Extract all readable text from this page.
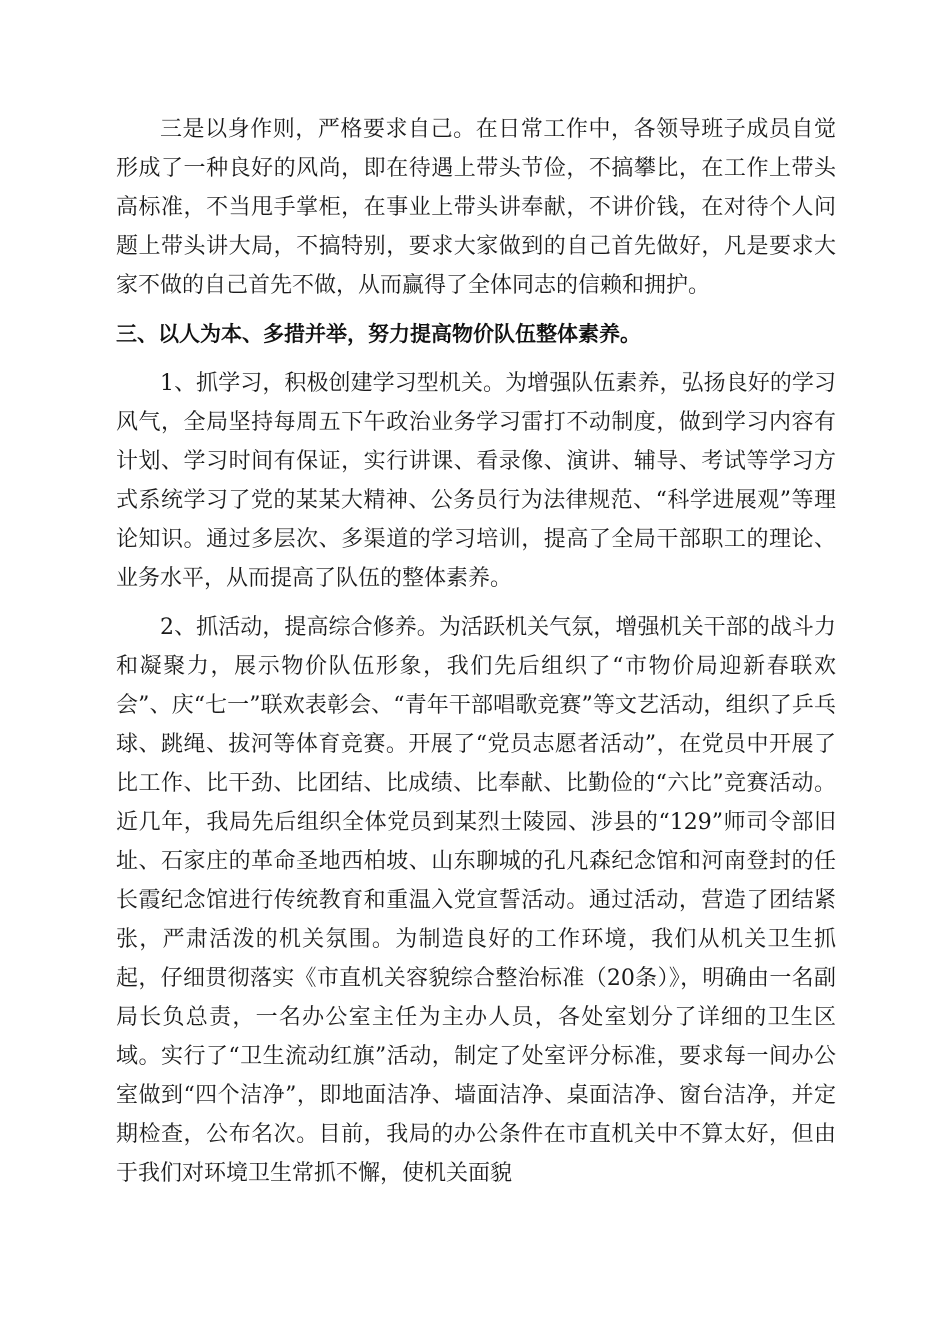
三是以身作则，严格要求自己。在日常工作中，各领导班子成员自觉形成了一种良好的风尚，即在待遇上带头节俭，不搞攀比，在工作上带头高标准，不当甩手掌柜，在事业上带头讲奉献，不讲价钱，在对待个人问题上带头讲大局，不搞特别，要求大家做到的自己首先做好，凡是要求大家不做的自己首先不做，从而赢得了全体同志的信赖和拥护。

三、以人为本、多措并举，努力提高物价队伍整体素养。

1、抓学习，积极创建学习型机关。为增强队伍素养，弘扬良好的学习风气，全局坚持每周五下午政治业务学习雷打不动制度，做到学习内容有计划、学习时间有保证，实行讲课、看录像、演讲、辅导、考试等学习方式系统学习了党的某某大精神、公务员行为法律规范、“科学进展观”等理论知识。通过多层次、多渠道的学习培训，提高了全局干部职工的理论、业务水平，从而提高了队伍的整体素养。

2、抓活动，提高综合修养。为活跃机关气氛，增强机关干部的战斗力和凝聚力，展示物价队伍形象，我们先后组织了“市物价局迎新春联欢会”、庆“七一”联欢表彰会、“青年干部唱歌竞赛”等文艺活动，组织了乒乓球、跳绳、拔河等体育竞赛。开展了“党员志愿者活动”，在党员中开展了比工作、比干劲、比团结、比成绩、比奉献、比勤俭的“六比”竞赛活动。近几年，我局先后组织全体党员到某烈士陵园、涉县的“129”师司令部旧址、石家庄的革命圣地西柏坡、山东聊城的孔凡森纪念馆和河南登封的任长霞纪念馆进行传统教育和重温入党宣誓活动。通过活动，营造了团结紧张，严肃活泼的机关氛围。为制造良好的工作环境，我们从机关卫生抓起，仔细贯彻落实《市直机关容貌综合整治标准（20条）》，明确由一名副局长负总责，一名办公室主任为主办人员，各处室划分了详细的卫生区域。实行了“卫生流动红旗”活动，制定了处室评分标准，要求每一间办公室做到“四个洁净”，即地面洁净、墙面洁净、桌面洁净、窗台洁净，并定期检查，公布名次。目前，我局的办公条件在市直机关中不算太好，但由于我们对环境卫生常抓不懈，使机关面貌
